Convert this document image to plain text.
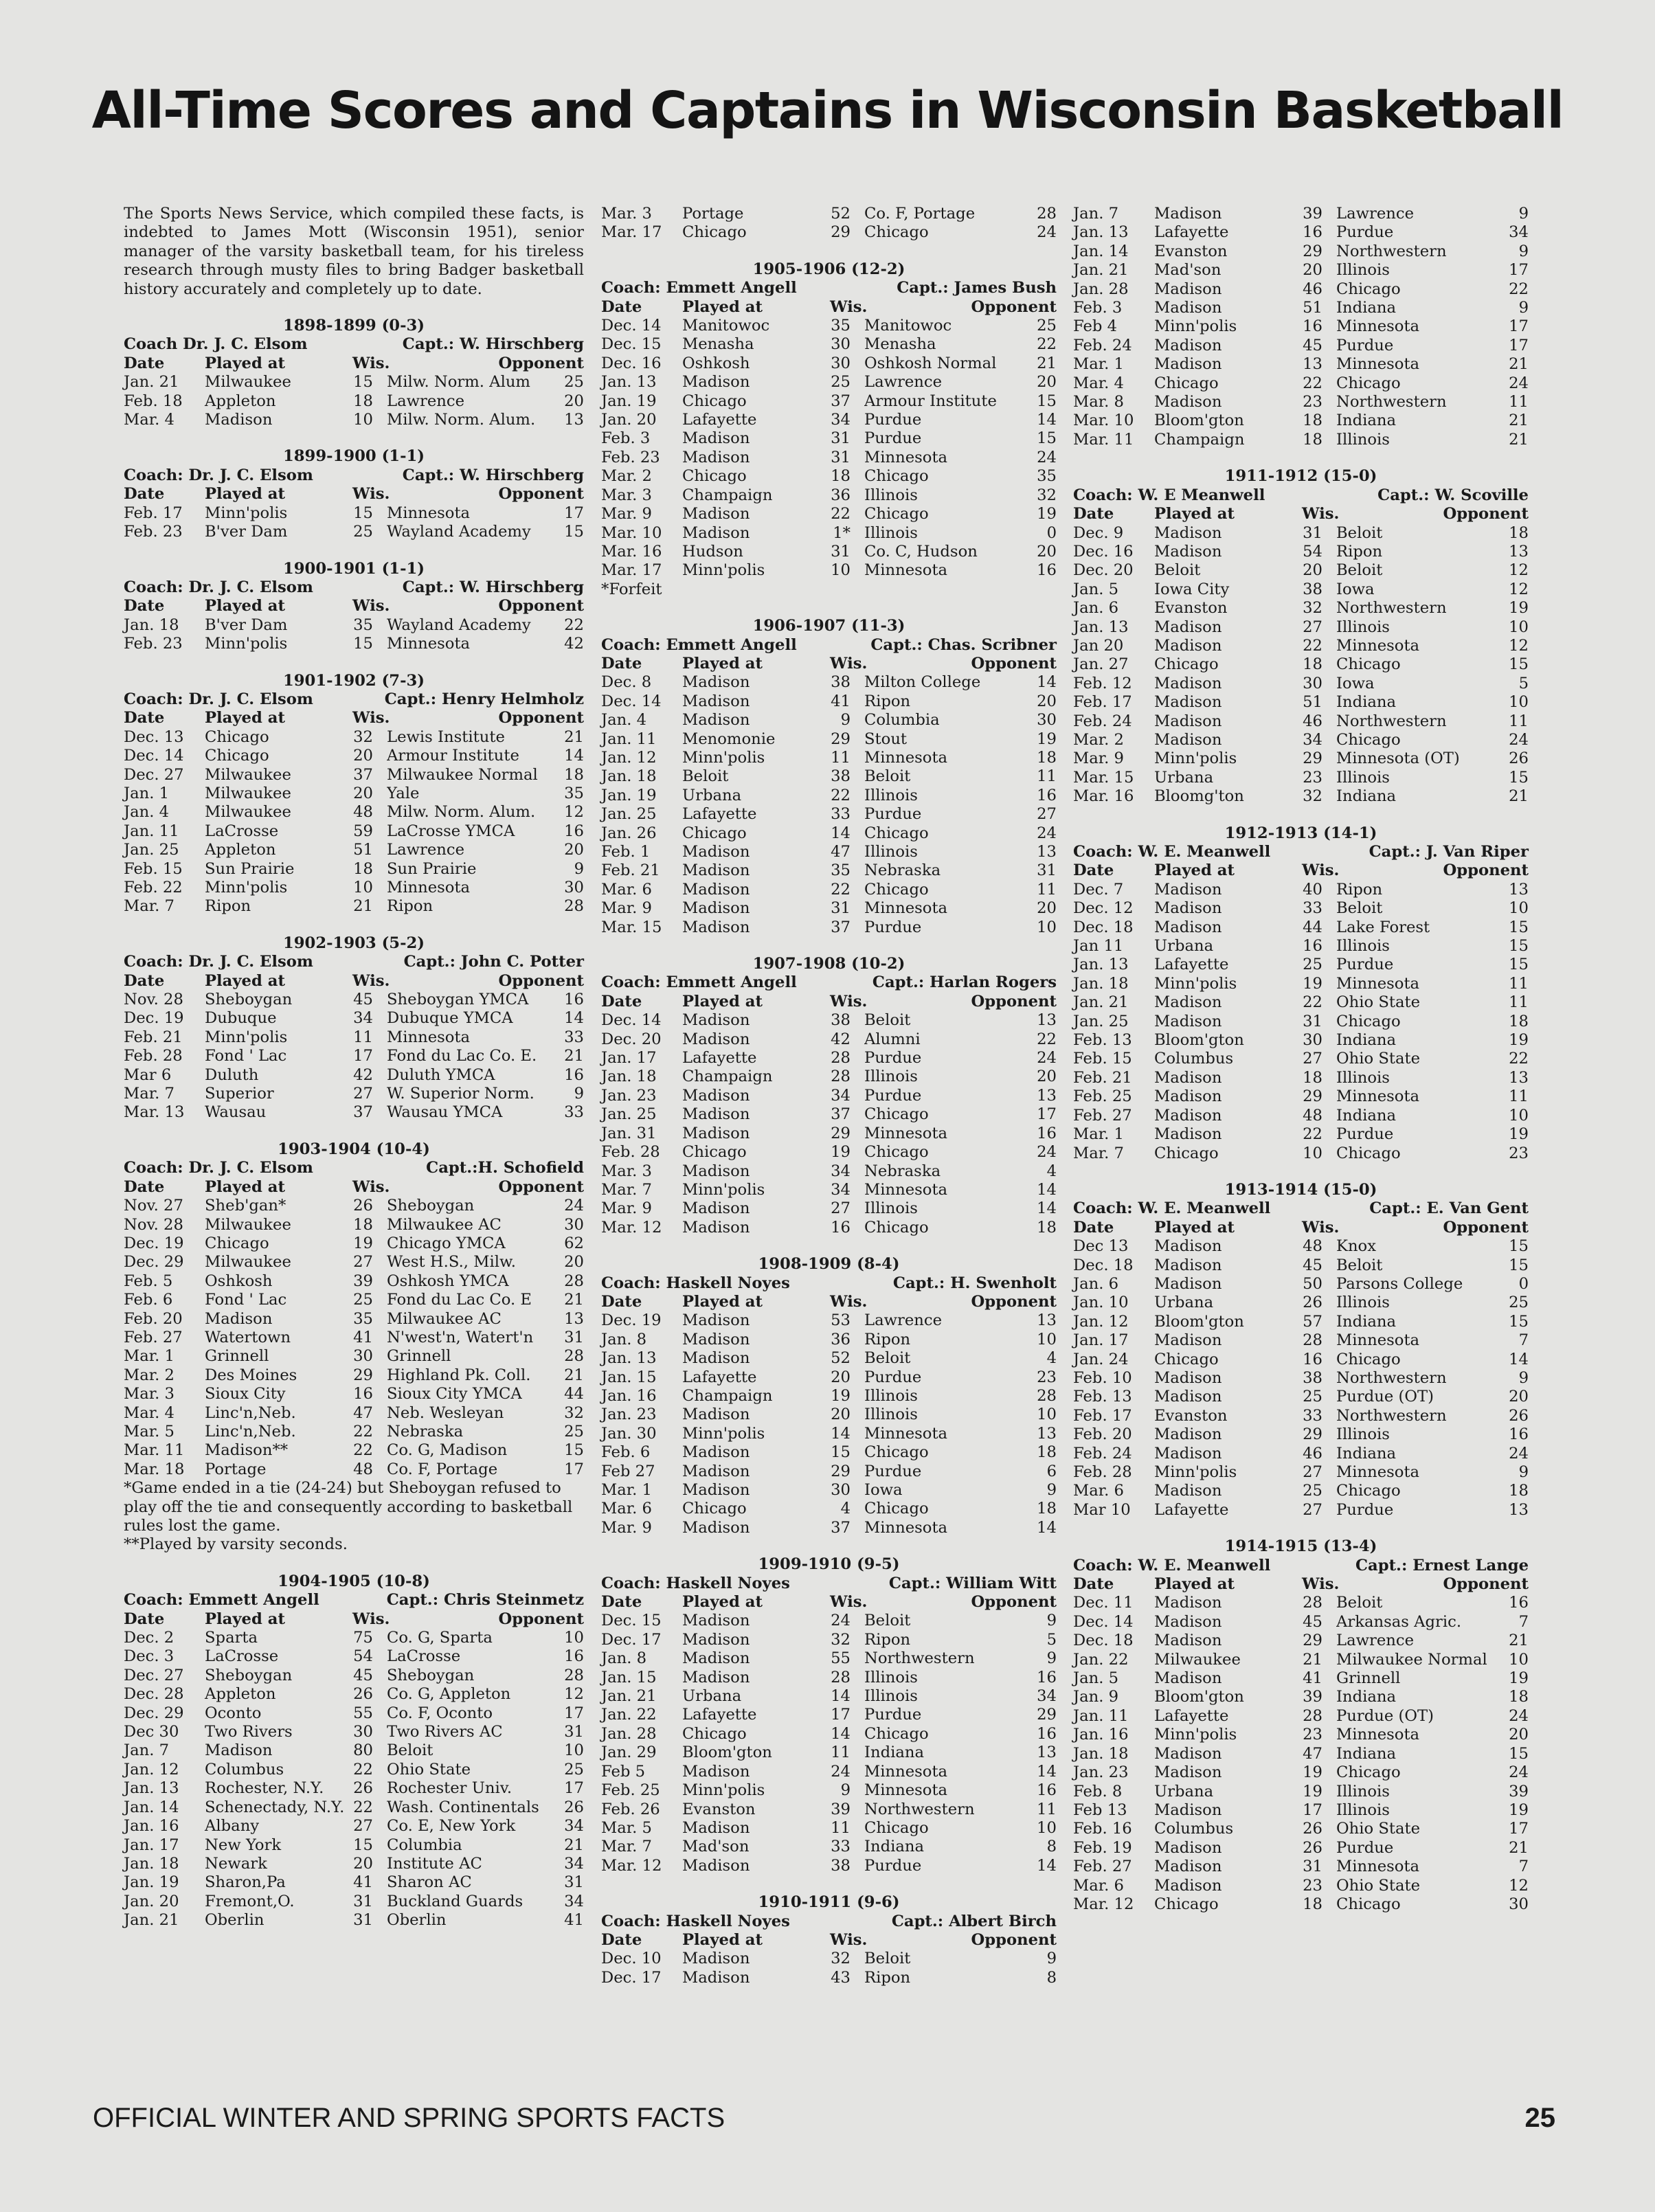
All-Time Scores and Captains in Wisconsin Basketball

The Sports News Service, which compiled these facts, is indebted to James Mott (Wisconsin 1951), senior manager of the varsity basketball team, for his tireless research through musty files to bring Badger basketball history accurately and completely up to date.

1898-1899 (0-3)
Coach Dr. J. C. Elsom	Capt.: W. Hirschberg
Date	Played at	Wis.	Opponent
Jan. 21	Milwaukee	15 Milw. Norm. Alum	25
Feb. 18	Appleton	18 Lawrence	20
Mar. 4	Madison	10 Milw. Norm. Alum.	13
1899-1900 (1-1)
Coach: Dr. J. C. Elsom	Capt.: W. Hirschberg
Date	Played at	Wis.	Opponent
Feb. 17	Minn'polis	15 Minnesota	17
Feb. 23	B'ver Dam	25 Wayland Academy	15
1900-1901 (1-1)
Coach: Dr. J. C. Elsom	Capt.: W. Hirschberg
Date	Played at	Wis.	Opponent
Jan. 18	B'ver Dam	35 Wayland Academy	22
Feb. 23	Minn'polis	15 Minnesota	42
1901-1902 (7-3)
Coach: Dr. J. C. Elsom	Capt.: Henry Helmholz
Date	Played at	Wis.	Opponent
Dec. 13	Chicago	32 Lewis Institute	21
Dec. 14	Chicago	20 Armour Institute	14
Dec. 27	Milwaukee	37 Milwaukee Normal	18
Jan. 1	Milwaukee	20 Yale	35
Jan. 4	Milwaukee	48 Milw. Norm. Alum.	12
Jan. 11	LaCrosse	59 LaCrosse YMCA	16
Jan. 25	Appleton	51 Lawrence	20
Feb. 15	Sun Prairie	18 Sun Prairie	9
Feb. 22	Minn'polis	10 Minnesota	30
Mar. 7	Ripon	21 Ripon	28
1902-1903 (5-2)
Coach: Dr. J. C. Elsom	Capt.: John C. Potter
Date	Played at	Wis.	Opponent
Nov. 28	Sheboygan	45 Sheboygan YMCA	16
Dec. 19	Dubuque	34 Dubuque YMCA	14
Feb. 21	Minn'polis	11 Minnesota	33
Feb. 28	Fond ' Lac	17 Fond du Lac Co. E.	21
Mar 6	Duluth	42 Duluth YMCA	16
Mar. 7	Superior	27 W. Superior Norm.	9
Mar. 13	Wausau	37 Wausau YMCA	33
1903-1904 (10-4)
Coach: Dr. J. C. Elsom	Capt.:H. Schofield
Date	Played at	Wis.	Opponent
Nov. 27	Sheb'gan*	26 Sheboygan	24
Nov. 28	Milwaukee	18 Milwaukee AC	30
Dec. 19	Chicago	19 Chicago YMCA	62
Dec. 29	Milwaukee	27 West H.S., Milw.	20
Feb. 5	Oshkosh	39 Oshkosh YMCA	28
Feb. 6	Fond ' Lac	25 Fond du Lac Co. E	21
Feb. 20	Madison	35 Milwaukee AC	13
Feb. 27	Watertown	41 N'west'n, Watert'n	31
Mar. 1	Grinnell	30 Grinnell	28
Mar. 2	Des Moines	29 Highland Pk. Coll.	21
Mar. 3	Sioux City	16 Sioux City YMCA	44
Mar. 4	Linc'n,Neb.	47 Neb. Wesleyan	32
Mar. 5	Linc'n,Neb.	22 Nebraska	25
Mar. 11	Madison**	22 Co. G, Madison	15
Mar. 18	Portage	48 Co. F, Portage	17

*Game ended in a tie (24-24) but Sheboygan refused to play off the tie and consequently according to basketball rules lost the game.

**Played by varsity seconds.

1904-1905 (10-8)
Coach: Emmett Angell	Capt.: Chris Steinmetz
Date	Played at	Wis.	Opponent
Dec. 2	Sparta	75 Co. G, Sparta	10
Dec. 3	LaCrosse	54 LaCrosse	16
Dec. 27	Sheboygan	45 Sheboygan	28
Dec. 28	Appleton	26 Co. G, Appleton	12
Dec. 29	Oconto	55 Co. F, Oconto	17
Dec 30	Two Rivers	30 Two Rivers AC	31
Jan. 7	Madison	80 Beloit	10
Jan. 12	Columbus	22 Ohio State	25
Jan. 13	Rochester, N.Y.	26 Rochester Univ.	17
Jan. 14	Schenectady, N.Y. 22 Wash. Continentals	26
Jan. 16	Albany	27 Co. E, New York	34
Jan. 17	New York	15 Columbia	21
Jan. 18	Newark	20 Institute AC	34
Jan. 19	Sharon,Pa	41 Sharon AC	31
Jan. 20	Fremont,O.	31 Buckland Guards	34
Jan. 21	Oberlin	31 Oberlin	41
Mar. 3	Portage	52 Co. F, Portage	28
Mar. 17	Chicago	29 Chicago	24
1905-1906 (12-2)
Coach: Emmett Angell	Capt.: James Bush
Date	Played at	Wis.	Opponent
Dec. 14	Manitowoc	35 Manitowoc	25
Dec. 15	Menasha	30 Menasha	22
Dec. 16	Oshkosh	30 Oshkosh Normal	21
Jan. 13	Madison	25 Lawrence	20
Jan. 19	Chicago	37 Armour Institute	15
Jan. 20	Lafayette	34 Purdue	14
Feb. 3	Madison	31 Purdue	15
Feb. 23	Madison	31 Minnesota	24
Mar. 2	Chicago	18 Chicago	35
Mar. 3	Champaign	36 Illinois	32
Mar. 9	Madison	22 Chicago	19
Mar. 10	Madison	1* Illinois	0
Mar. 16	Hudson	31 Co. C, Hudson	20
Mar. 17	Minn'polis	10 Minnesota	16

*Forfeit

1906-1907 (11-3)
Coach: Emmett Angell	Capt.: Chas. Scribner
Date	Played at	Wis.	Opponent
Dec. 8	Madison	38 Milton College	14
Dec. 14	Madison	41 Ripon	20
Jan. 4	Madison	9 Columbia	30
Jan. 11	Menomonie	29 Stout	19
Jan. 12	Minn'polis	11 Minnesota	18
Jan. 18	Beloit	38 Beloit	11
Jan. 19	Urbana	22 Illinois	16
Jan. 25	Lafayette	33 Purdue	27
Jan. 26	Chicago	14 Chicago	24
Feb. 1	Madison	47 Illinois	13
Feb. 21	Madison	35 Nebraska	31
Mar. 6	Madison	22 Chicago	11
Mar. 9	Madison	31 Minnesota	20
Mar. 15	Madison	37 Purdue	10
1907-1908 (10-2)
Coach: Emmett Angell	Capt.: Harlan Rogers
Date	Played at	Wis.	Opponent
Dec. 14	Madison	38 Beloit	13
Dec. 20	Madison	42 Alumni	22
Jan. 17	Lafayette	28 Purdue	24
Jan. 18	Champaign	28 Illinois	20
Jan. 23	Madison	34 Purdue	13
Jan. 25	Madison	37 Chicago	17
Jan. 31	Madison	29 Minnesota	16
Feb. 28	Chicago	19 Chicago	24
Mar. 3	Madison	34 Nebraska	4
Mar. 7	Minn'polis	34 Minnesota	14
Mar. 9	Madison	27 Illinois	14
Mar. 12	Madison	16 Chicago	18
1908-1909 (8-4)
Coach: Haskell Noyes	Capt.: H. Swenholt
Date	Played at	Wis.	Opponent
Dec. 19	Madison	53 Lawrence	13
Jan. 8	Madison	36 Ripon	10
Jan. 13	Madison	52 Beloit	4
Jan. 15	Lafayette	20 Purdue	23
Jan. 16	Champaign	19 Illinois	28
Jan. 23	Madison	20 Illinois	10
Jan. 30	Minn'polis	14 Minnesota	13
Feb. 6	Madison	15 Chicago	18
Feb 27	Madison	29 Purdue	6
Mar. 1	Madison	30 Iowa	9
Mar. 6	Chicago	4 Chicago	18
Mar. 9	Madison	37 Minnesota	14
1909-1910 (9-5)
Coach: Haskell Noyes	Capt.: William Witt
Date	Played at	Wis.	Opponent
Dec. 15	Madison	24 Beloit	9
Dec. 17	Madison	32 Ripon	5
Jan. 8	Madison	55 Northwestern	9
Jan. 15	Madison	28 Illinois	16
Jan. 21	Urbana	14 Illinois	34
Jan. 22	Lafayette	17 Purdue	29
Jan. 28	Chicago	14 Chicago	16
Jan. 29	Bloom'gton	11 Indiana	13
Feb 5	Madison	24 Minnesota	14
Feb. 25	Minn'polis	9 Minnesota	16
Feb. 26	Evanston	39 Northwestern	11
Mar. 5	Madison	11 Chicago	10
Mar. 7	Mad'son	33 Indiana	8
Mar. 12	Madison	38 Purdue	14
1910-1911 (9-6)
Coach: Haskell Noyes	Capt.: Albert Birch
Date	Played at	Wis.	Opponent
Dec. 10	Madison	32 Beloit	9
Dec. 17	Madison	43 Ripon	8
Jan. 7	Madison	39 Lawrence	9
Jan. 13	Lafayette	16 Purdue	34
Jan. 14	Evanston	29 Northwestern	9
Jan. 21	Mad'son	20 Illinois	17
Jan. 28	Madison	46 Chicago	22
Feb. 3	Madison	51 Indiana	9
Feb 4	Minn'polis	16 Minnesota	17
Feb. 24	Madison	45 Purdue	17
Mar. 1	Madison	13 Minnesota	21
Mar. 4	Chicago	22 Chicago	24
Mar. 8	Madison	23 Northwestern	11
Mar. 10	Bloom'gton	18 Indiana	21
Mar. 11	Champaign	18 Illinois	21
1911-1912 (15-0)
Coach: W. E Meanwell	Capt.: W. Scoville
Date	Played at	Wis.	Opponent
Dec. 9	Madison	31 Beloit	18
Dec. 16	Madison	54 Ripon	13
Dec. 20	Beloit	20 Beloit	12
Jan. 5	Iowa City	38 Iowa	12
Jan. 6	Evanston	32 Northwestern	19
Jan. 13	Madison	27 Illinois	10
Jan 20	Madison	22 Minnesota	12
Jan. 27	Chicago	18 Chicago	15
Feb. 12	Madison	30 Iowa	5
Feb. 17	Madison	51 Indiana	10
Feb. 24	Madison	46 Northwestern	11
Mar. 2	Madison	34 Chicago	24
Mar. 9	Minn'polis	29 Minnesota (OT)	26
Mar. 15	Urbana	23 Illinois	15
Mar. 16	Bloomg'ton	32 Indiana	21
1912-1913 (14-1)
Coach: W. E. Meanwell	Capt.: J. Van Riper
Date	Played at	Wis.	Opponent
Dec. 7	Madison	40 Ripon	13
Dec. 12	Madison	33 Beloit	10
Dec. 18	Madison	44 Lake Forest	15
Jan 11	Urbana	16 Illinois	15
Jan. 13	Lafayette	25 Purdue	15
Jan. 18	Minn'polis	19 Minnesota	11
Jan. 21	Madison	22 Ohio State	11
Jan. 25	Madison	31 Chicago	18
Feb. 13	Bloom'gton	30 Indiana	19
Feb. 15	Columbus	27 Ohio State	22
Feb. 21	Madison	18 Illinois	13
Feb. 25	Madison	29 Minnesota	11
Feb. 27	Madison	48 Indiana	10
Mar. 1	Madison	22 Purdue	19
Mar. 7	Chicago	10 Chicago	23
1913-1914 (15-0)
Coach: W. E. Meanwell	Capt.: E. Van Gent
Date	Played at	Wis.	Opponent
Dec 13	Madison	48 Knox	15
Dec. 18	Madison	45 Beloit	15
Jan. 6	Madison	50 Parsons College	0
Jan. 10	Urbana	26 Illinois	25
Jan. 12	Bloom'gton	57 Indiana	15
Jan. 17	Madison	28 Minnesota	7
Jan. 24	Chicago	16 Chicago	14
Feb. 10	Madison	38 Northwestern	9
Feb. 13	Madison	25 Purdue (OT)	20
Feb. 17	Evanston	33 Northwestern	26
Feb. 20	Madison	29 Illinois	16
Feb. 24	Madison	46 Indiana	24
Feb. 28	Minn'polis	27 Minnesota	9
Mar. 6	Madison	25 Chicago	18
Mar 10	Lafayette	27 Purdue	13
1914-1915 (13-4)
Coach: W. E. Meanwell	Capt.: Ernest Lange
Date	Played at	Wis.	Opponent
Dec. 11	Madison	28 Beloit	16
Dec. 14	Madison	45 Arkansas Agric.	7
Dec. 18	Madison	29 Lawrence	21
Jan. 22	Milwaukee	21 Milwaukee Normal	10
Jan. 5	Madison	41 Grinnell	19
Jan. 9	Bloom'gton	39 Indiana	18
Jan. 11	Lafayette	28 Purdue (OT)	24
Jan. 16	Minn'polis	23 Minnesota	20
Jan. 18	Madison	47 Indiana	15
Jan. 23	Madison	19 Chicago	24
Feb. 8	Urbana	19 Illinois	39
Feb 13	Madison	17 Illinois	19
Feb. 16	Columbus	26 Ohio State	17
Feb. 19	Madison	26 Purdue	21
Feb. 27	Madison	31 Minnesota	7
Mar. 6	Madison	23 Ohio State	12
Mar. 12	Chicago	18 Chicago	30
OFFICIAL WINTER AND SPRING SPORTS FACTS	25
